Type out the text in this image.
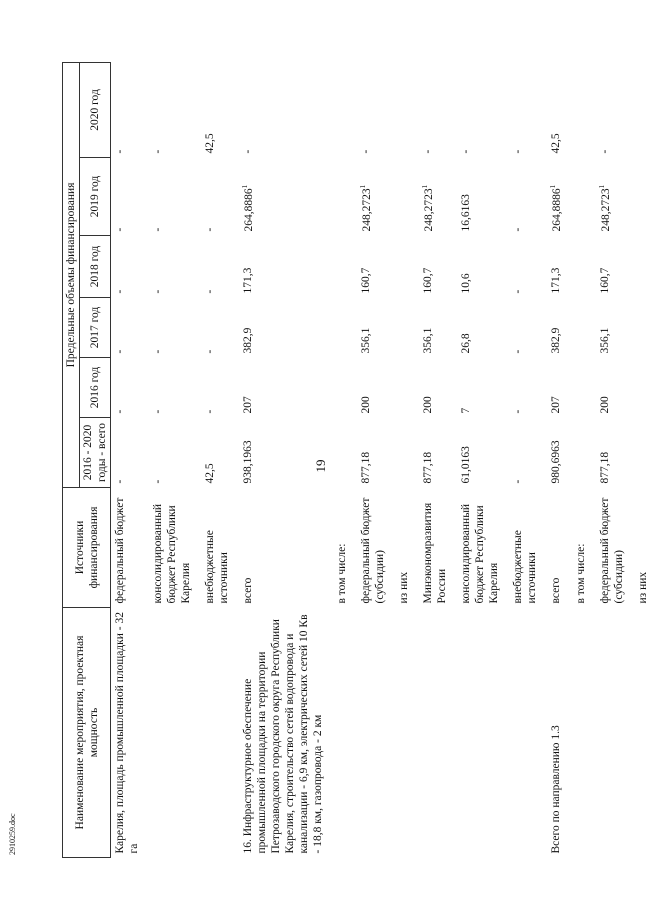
19
2910259.doc
Наименование мероприятия, проектная мощность	Источники финансирования	Предельные объемы финансирования					
		2016 - 2020 годы - всего	2016 год	2017 год	2018 год	2019 год	2020 год
Карелия, площадь промышленной площадки - 32 га	федеральный бюджет	-	-	-	-	-	-
	консолидированный бюджет Республики Карелия	-	-	-	-	-	-
	внебюджетные источники	42,5	-	-	-	-	42,5
16. Инфраструктурное обеспечение промышленной площадки на территории Петрозаводского городского округа Республики Карелия, строительство сетей водопровода и канализации - 6,9 км, электрических сетей 10 Кв - 18,8 км, газопровода - 2 км	всего	938,1963	207	382,9	171,3	264,8886$^1$	-
	в том числе:						
	федеральный бюджет (субсидии)	877,18	200	356,1	160,7	248,2723$^1$	-
	из них						
	Минэкономразвития России	877,18	200	356,1	160,7	248,2723$^1$	-
	консолидированный бюджет Республики Карелия	61,0163	7	26,8	10,6	16,6163	-
	внебюджетные источники	-	-	-	-	-	-
Всего по направлению 1.3	всего	980,6963	207	382,9	171,3	264,8886$^1$	42,5
	в том числе:						
	федеральный бюджет (субсидии)	877,18	200	356,1	160,7	248,2723$^1$	-
	из них						
